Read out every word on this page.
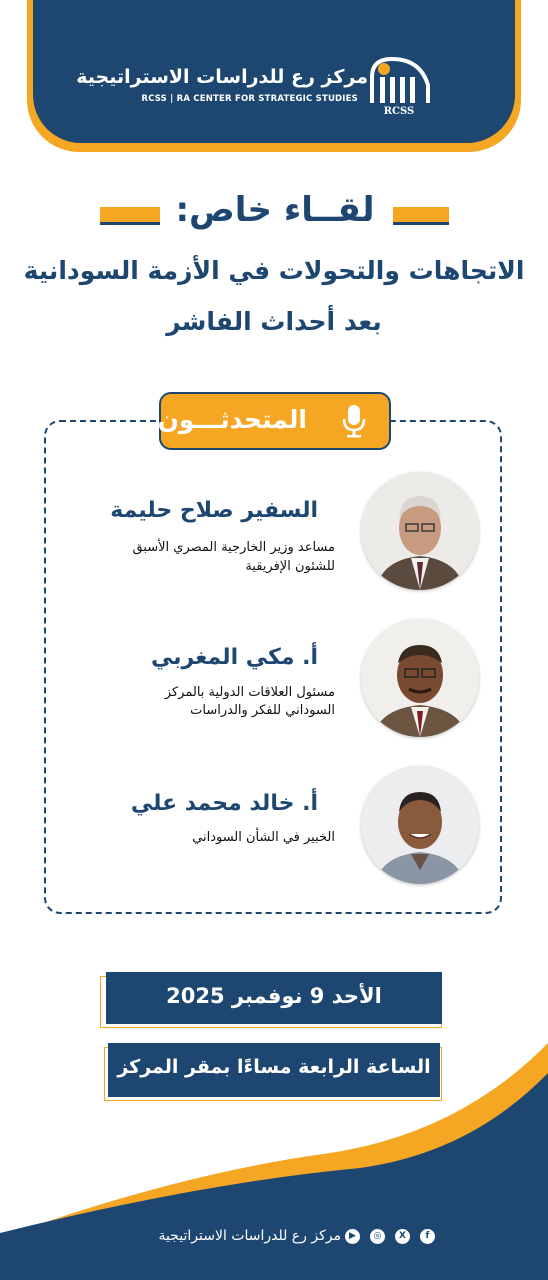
مركز رع للدراسات الاستراتيجية
RCSS | RA CENTER FOR STRATEGIC STUDIES
RCSS
لقــاء خاص:
الاتجاهات والتحولات في الأزمة السودانية
بعد أحداث الفاشر
المتحدثـــون
السفير صلاح حليمة
مساعد وزير الخارجية المصري الأسبق
للشئون الإفريقية
أ. مكي المغربي
مسئول العلاقات الدولية بالمركز
السوداني للفكر والدراسات
أ. خالد محمد علي
الخبير في الشأن السوداني
الأحد 9 نوفمبر 2025
الساعة الرابعة مساءًا بمقر المركز
مركز رع للدراسات الاستراتيجية ▶	◎	X	f
